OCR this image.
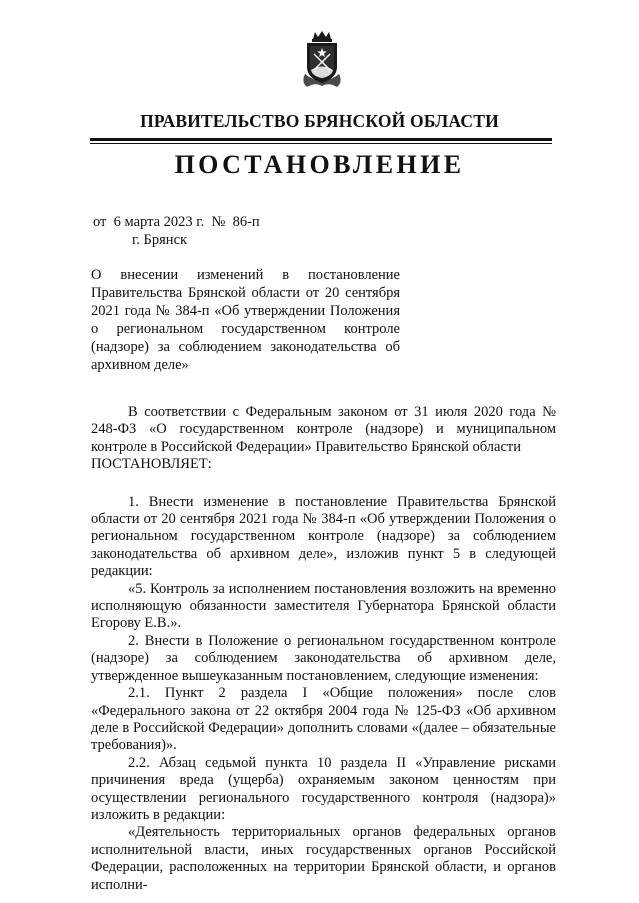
ПРАВИТЕЛЬСТВО БРЯНСКОЙ ОБЛАСТИ
ПОСТАНОВЛЕНИЕ
от  6 марта 2023 г.  №  86-п
г. Брянск
О внесении изменений в постановление Правительства Брянской области от 20 сентября 2021 года № 384-п «Об утверждении Положения о региональном государственном контроле (надзоре) за соблюдением законодательства об архивном деле»

В соответствии с Федеральным законом от 31 июля 2020 года № 248-ФЗ «О государственном контроле (надзоре) и муниципальном контроле в Российской Федерации» Правительство Брянской области

ПОСТАНОВЛЯЕТ:

1. Внести изменение в постановление Правительства Брянской области от 20 сентября 2021 года № 384-п «Об утверждении Положения о региональном государственном контроле (надзоре) за соблюдением законодательства об архивном деле», изложив пункт 5 в следующей редакции:

«5. Контроль за исполнением постановления возложить на временно исполняющую обязанности заместителя Губернатора Брянской области Егорову Е.В.».

2. Внести в Положение о региональном государственном контроле (надзоре) за соблюдением законодательства об архивном деле, утвержденное вышеуказанным постановлением, следующие изменения:

2.1. Пункт 2 раздела I «Общие положения» после слов «Федерального закона от 22 октября 2004 года № 125-ФЗ «Об архивном деле в Российской Федерации» дополнить словами «(далее – обязательные требования)».

2.2. Абзац седьмой пункта 10 раздела II «Управление рисками причинения вреда (ущерба) охраняемым законом ценностям при осуществлении регионального государственного контроля (надзора)» изложить в редакции:

«Деятельность территориальных органов федеральных органов исполнительной власти, иных государственных органов Российской Федерации, расположенных на территории Брянской области, и органов исполни-
